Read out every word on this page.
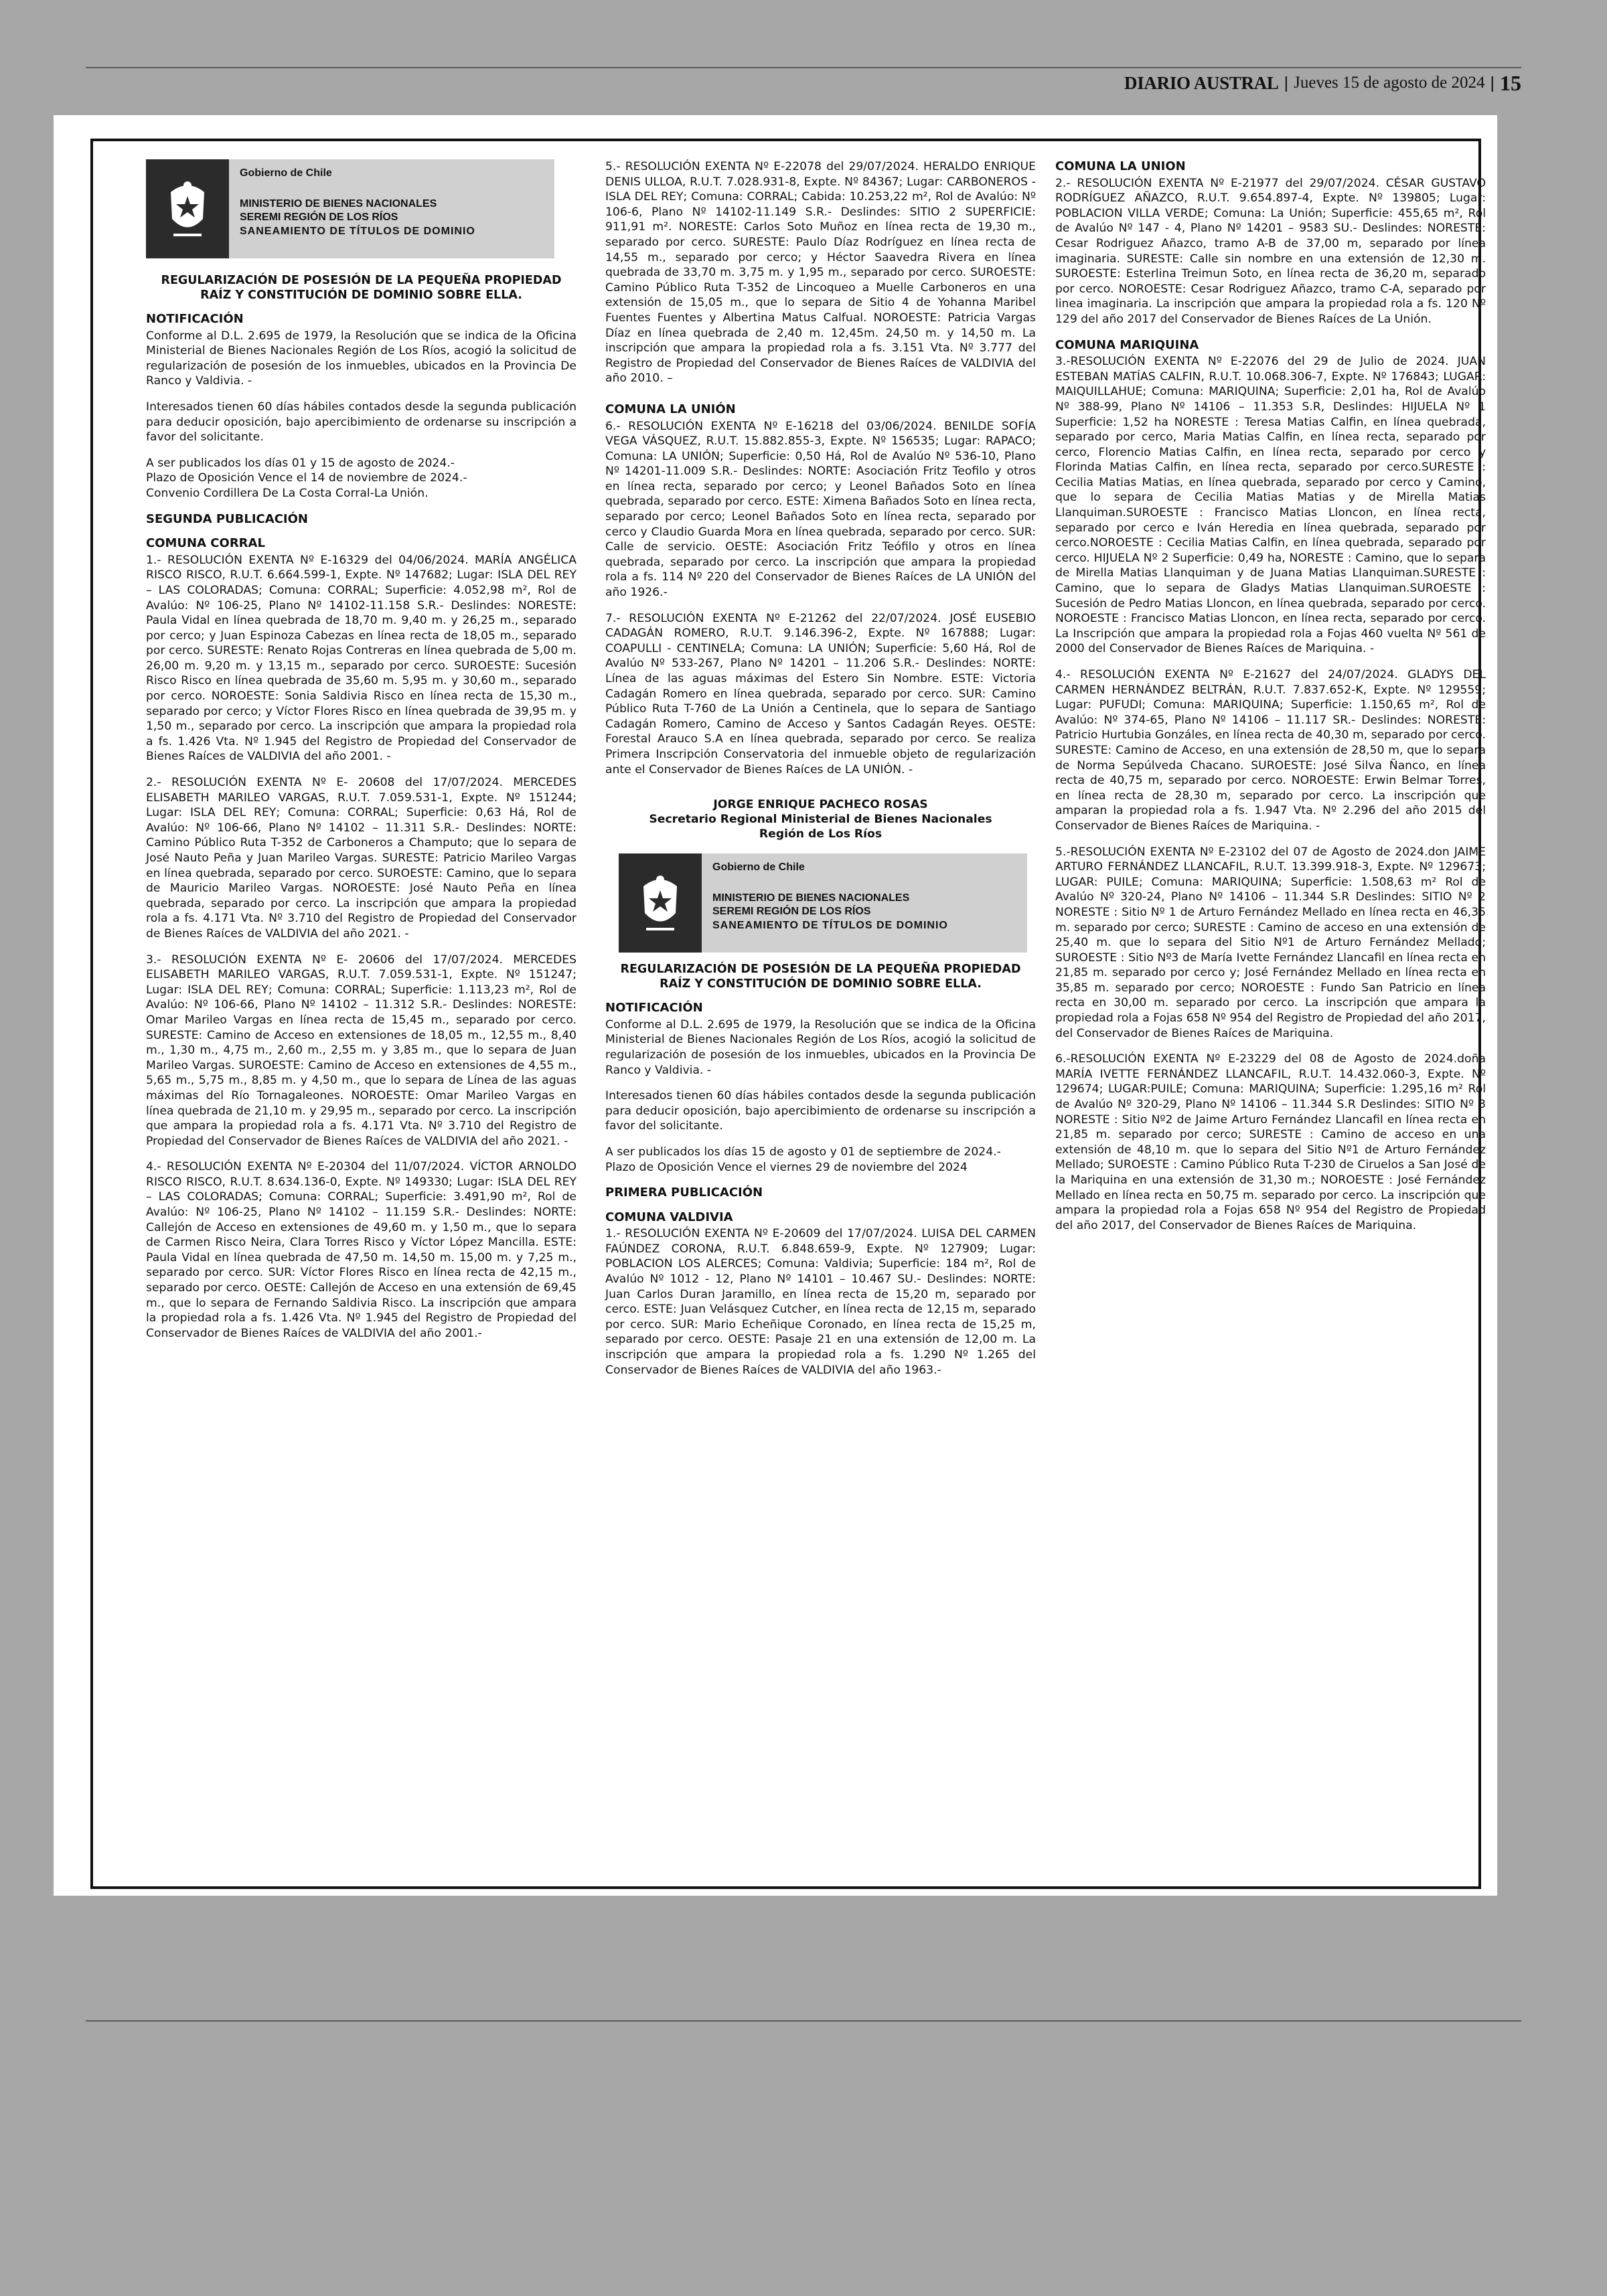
DIARIO AUSTRAL | Jueves 15 de agosto de 2024 | 15
Gobierno de Chile
MINISTERIO DE BIENES NACIONALES
SEREMI REGIÓN DE LOS RÍOS
SANEAMIENTO DE TÍTULOS DE DOMINIO
REGULARIZACIÓN DE POSESIÓN DE LA PEQUEÑA PROPIEDAD RAÍZ Y CONSTITUCIÓN DE DOMINIO SOBRE ELLA.
NOTIFICACIÓN

Conforme al D.L. 2.695 de 1979, la Resolución que se indica de la Oficina Ministerial de Bienes Nacionales Región de Los Ríos, acogió la solicitud de regularización de posesión de los inmuebles, ubicados en la Provincia De Ranco y Valdivia. -

Interesados tienen 60 días hábiles contados desde la segunda publicación para deducir oposición, bajo apercibimiento de ordenarse su inscripción a favor del solicitante.

A ser publicados los días 01 y 15 de agosto de 2024.-

Plazo de Oposición Vence el 14 de noviembre de 2024.-

Convenio Cordillera De La Costa Corral-La Unión.

SEGUNDA PUBLICACIÓN
COMUNA CORRAL

1.- RESOLUCIÓN EXENTA Nº E-16329 del 04/06/2024. MARÍA ANGÉLICA RISCO RISCO, R.U.T. 6.664.599-1, Expte. Nº 147682; Lugar: ISLA DEL REY – LAS COLORADAS; Comuna: CORRAL; Superficie: 4.052,98 m², Rol de Avalúo: Nº 106-25, Plano Nº 14102-11.158 S.R.- Deslindes: NORESTE: Paula Vidal en línea quebrada de 18,70 m. 9,40 m. y 26,25 m., separado por cerco; y Juan Espinoza Cabezas en línea recta de 18,05 m., separado por cerco. SURESTE: Renato Rojas Contreras en línea quebrada de 5,00 m. 26,00 m. 9,20 m. y 13,15 m., separado por cerco. SUROESTE: Sucesión Risco Risco en línea quebrada de 35,60 m. 5,95 m. y 30,60 m., separado por cerco. NOROESTE: Sonia Saldivia Risco en línea recta de 15,30 m., separado por cerco; y Víctor Flores Risco en línea quebrada de 39,95 m. y 1,50 m., separado por cerco. La inscripción que ampara la propiedad rola a fs. 1.426 Vta. Nº 1.945 del Registro de Propiedad del Conservador de Bienes Raíces de VALDIVIA del año 2001. -

2.- RESOLUCIÓN EXENTA Nº E- 20608 del 17/07/2024. MERCEDES ELISABETH MARILEO VARGAS, R.U.T. 7.059.531-1, Expte. Nº 151244; Lugar: ISLA DEL REY; Comuna: CORRAL; Superficie: 0,63 Há, Rol de Avalúo: Nº 106-66, Plano Nº 14102 – 11.311 S.R.- Deslindes: NORTE: Camino Público Ruta T-352 de Carboneros a Champuto; que lo separa de José Nauto Peña y Juan Marileo Vargas. SURESTE: Patricio Marileo Vargas en línea quebrada, separado por cerco. SUROESTE: Camino, que lo separa de Mauricio Marileo Vargas. NOROESTE: José Nauto Peña en línea quebrada, separado por cerco. La inscripción que ampara la propiedad rola a fs. 4.171 Vta. Nº 3.710 del Registro de Propiedad del Conservador de Bienes Raíces de VALDIVIA del año 2021. -

3.- RESOLUCIÓN EXENTA Nº E- 20606 del 17/07/2024. MERCEDES ELISABETH MARILEO VARGAS, R.U.T. 7.059.531-1, Expte. Nº 151247; Lugar: ISLA DEL REY; Comuna: CORRAL; Superficie: 1.113,23 m², Rol de Avalúo: Nº 106-66, Plano Nº 14102 – 11.312 S.R.- Deslindes: NORESTE: Omar Marileo Vargas en línea recta de 15,45 m., separado por cerco. SURESTE: Camino de Acceso en extensiones de 18,05 m., 12,55 m., 8,40 m., 1,30 m., 4,75 m., 2,60 m., 2,55 m. y 3,85 m., que lo separa de Juan Marileo Vargas. SUROESTE: Camino de Acceso en extensiones de 4,55 m., 5,65 m., 5,75 m., 8,85 m. y 4,50 m., que lo separa de Línea de las aguas máximas del Río Tornagaleones. NOROESTE: Omar Marileo Vargas en línea quebrada de 21,10 m. y 29,95 m., separado por cerco. La inscripción que ampara la propiedad rola a fs. 4.171 Vta. Nº 3.710 del Registro de Propiedad del Conservador de Bienes Raíces de VALDIVIA del año 2021. -

4.- RESOLUCIÓN EXENTA Nº E-20304 del 11/07/2024. VÍCTOR ARNOLDO RISCO RISCO, R.U.T. 8.634.136-0, Expte. Nº 149330; Lugar: ISLA DEL REY – LAS COLORADAS; Comuna: CORRAL; Superficie: 3.491,90 m², Rol de Avalúo: Nº 106-25, Plano Nº 14102 – 11.159 S.R.- Deslindes: NORTE: Callejón de Acceso en extensiones de 49,60 m. y 1,50 m., que lo separa de Carmen Risco Neira, Clara Torres Risco y Víctor López Mancilla. ESTE: Paula Vidal en línea quebrada de 47,50 m. 14,50 m. 15,00 m. y 7,25 m., separado por cerco. SUR: Víctor Flores Risco en línea recta de 42,15 m., separado por cerco. OESTE: Callejón de Acceso en una extensión de 69,45 m., que lo separa de Fernando Saldivia Risco. La inscripción que ampara la propiedad rola a fs. 1.426 Vta. Nº 1.945 del Registro de Propiedad del Conservador de Bienes Raíces de VALDIVIA del año 2001.-

5.- RESOLUCIÓN EXENTA Nº E-22078 del 29/07/2024. HERALDO ENRIQUE DENIS ULLOA, R.U.T. 7.028.931-8, Expte. Nº 84367; Lugar: CARBONEROS - ISLA DEL REY; Comuna: CORRAL; Cabida: 10.253,22 m², Rol de Avalúo: Nº 106-6, Plano Nº 14102-11.149 S.R.- Deslindes: SITIO 2 SUPERFICIE: 911,91 m². NORESTE: Carlos Soto Muñoz en línea recta de 19,30 m., separado por cerco. SURESTE: Paulo Díaz Rodríguez en línea recta de 14,55 m., separado por cerco; y Héctor Saavedra Rivera en línea quebrada de 33,70 m. 3,75 m. y 1,95 m., separado por cerco. SUROESTE: Camino Público Ruta T-352 de Lincoqueo a Muelle Carboneros en una extensión de 15,05 m., que lo separa de Sitio 4 de Yohanna Maribel Fuentes Fuentes y Albertina Matus Calfual. NOROESTE: Patricia Vargas Díaz en línea quebrada de 2,40 m. 12,45m. 24,50 m. y 14,50 m. La inscripción que ampara la propiedad rola a fs. 3.151 Vta. Nº 3.777 del Registro de Propiedad del Conservador de Bienes Raíces de VALDIVIA del año 2010. –

COMUNA LA UNIÓN

6.- RESOLUCIÓN EXENTA Nº E-16218 del 03/06/2024. BENILDE SOFÍA VEGA VÁSQUEZ, R.U.T. 15.882.855-3, Expte. Nº 156535; Lugar: RAPACO; Comuna: LA UNIÓN; Superficie: 0,50 Há, Rol de Avalúo Nº 536-10, Plano Nº 14201-11.009 S.R.- Deslindes: NORTE: Asociación Fritz Teofilo y otros en línea recta, separado por cerco; y Leonel Bañados Soto en línea quebrada, separado por cerco. ESTE: Ximena Bañados Soto en línea recta, separado por cerco; Leonel Bañados Soto en línea recta, separado por cerco y Claudio Guarda Mora en línea quebrada, separado por cerco. SUR: Calle de servicio. OESTE: Asociación Fritz Teófilo y otros en línea quebrada, separado por cerco. La inscripción que ampara la propiedad rola a fs. 114 Nº 220 del Conservador de Bienes Raíces de LA UNIÓN del año 1926.-

7.- RESOLUCIÓN EXENTA Nº E-21262 del 22/07/2024. JOSÉ EUSEBIO CADAGÁN ROMERO, R.U.T. 9.146.396-2, Expte. Nº 167888; Lugar: COAPULLI - CENTINELA; Comuna: LA UNIÓN; Superficie: 5,60 Há, Rol de Avalúo Nº 533-267, Plano Nº 14201 – 11.206 S.R.- Deslindes: NORTE: Línea de las aguas máximas del Estero Sin Nombre. ESTE: Victoria Cadagán Romero en línea quebrada, separado por cerco. SUR: Camino Público Ruta T-760 de La Unión a Centinela, que lo separa de Santiago Cadagán Romero, Camino de Acceso y Santos Cadagán Reyes. OESTE: Forestal Arauco S.A en línea quebrada, separado por cerco. Se realiza Primera Inscripción Conservatoria del inmueble objeto de regularización ante el Conservador de Bienes Raíces de LA UNIÓN. -

JORGE ENRIQUE PACHECO ROSAS
Secretario Regional Ministerial de Bienes Nacionales
Región de Los Ríos
Gobierno de Chile
MINISTERIO DE BIENES NACIONALES
SEREMI REGIÓN DE LOS RÍOS
SANEAMIENTO DE TÍTULOS DE DOMINIO
REGULARIZACIÓN DE POSESIÓN DE LA PEQUEÑA PROPIEDAD RAÍZ Y CONSTITUCIÓN DE DOMINIO SOBRE ELLA.
NOTIFICACIÓN

Conforme al D.L. 2.695 de 1979, la Resolución que se indica de la Oficina Ministerial de Bienes Nacionales Región de Los Ríos, acogió la solicitud de regularización de posesión de los inmuebles, ubicados en la Provincia De Ranco y Valdivia. -

Interesados tienen 60 días hábiles contados desde la segunda publicación para deducir oposición, bajo apercibimiento de ordenarse su inscripción a favor del solicitante.

A ser publicados los días 15 de agosto y 01 de septiembre de 2024.-

Plazo de Oposición Vence el viernes 29 de noviembre del 2024

PRIMERA PUBLICACIÓN
COMUNA VALDIVIA

1.- RESOLUCIÓN EXENTA Nº E-20609 del 17/07/2024. LUISA DEL CARMEN FAÚNDEZ CORONA, R.U.T. 6.848.659-9, Expte. Nº 127909; Lugar: POBLACION LOS ALERCES; Comuna: Valdivia; Superficie: 184 m², Rol de Avalúo Nº 1012 - 12, Plano Nº 14101 – 10.467 SU.- Deslindes: NORTE: Juan Carlos Duran Jaramillo, en línea recta de 15,20 m, separado por cerco. ESTE: Juan Velásquez Cutcher, en línea recta de 12,15 m, separado por cerco. SUR: Mario Echeñique Coronado, en línea recta de 15,25 m, separado por cerco. OESTE: Pasaje 21 en una extensión de 12,00 m. La inscripción que ampara la propiedad rola a fs. 1.290 Nº 1.265 del Conservador de Bienes Raíces de VALDIVIA del año 1963.-

COMUNA LA UNION

2.- RESOLUCIÓN EXENTA Nº E-21977 del 29/07/2024. CÉSAR GUSTAVO RODRÍGUEZ AÑAZCO, R.U.T. 9.654.897-4, Expte. Nº 139805; Lugar: POBLACION VILLA VERDE; Comuna: La Unión; Superficie: 455,65 m², Rol de Avalúo Nº 147 - 4, Plano Nº 14201 – 9583 SU.- Deslindes: NORESTE: Cesar Rodriguez Añazco, tramo A-B de 37,00 m, separado por línea imaginaria. SURESTE: Calle sin nombre en una extensión de 12,30 m. SUROESTE: Esterlina Treimun Soto, en línea recta de 36,20 m, separado por cerco. NOROESTE: Cesar Rodriguez Añazco, tramo C-A, separado por linea imaginaria. La inscripción que ampara la propiedad rola a fs. 120 Nº 129 del año 2017 del Conservador de Bienes Raíces de La Unión.

COMUNA MARIQUINA

3.-RESOLUCIÓN EXENTA Nº E-22076 del 29 de Julio de 2024. JUAN ESTEBAN MATÍAS CALFIN, R.U.T. 10.068.306-7, Expte. Nº 176843; LUGAR: MAIQUILLAHUE; Comuna: MARIQUINA; Superficie: 2,01 ha, Rol de Avalúo Nº 388-99, Plano Nº 14106 – 11.353 S.R, Deslindes: HIJUELA Nº 1 Superficie: 1,52 ha NORESTE : Teresa Matias Calfin, en línea quebrada, separado por cerco, Maria Matias Calfin, en línea recta, separado por cerco, Florencio Matias Calfin, en línea recta, separado por cerco y Florinda Matias Calfin, en línea recta, separado por cerco.SURESTE : Cecilia Matias Matias, en línea quebrada, separado por cerco y Camino, que lo separa de Cecilia Matias Matias y de Mirella Matias Llanquiman.SUROESTE : Francisco Matias Lloncon, en línea recta, separado por cerco e Iván Heredia en línea quebrada, separado por cerco.NOROESTE : Cecilia Matias Calfin, en línea quebrada, separado por cerco. HIJUELA Nº 2 Superficie: 0,49 ha, NORESTE : Camino, que lo separa de Mirella Matias Llanquiman y de Juana Matias Llanquiman.SURESTE : Camino, que lo separa de Gladys Matias Llanquiman.SUROESTE : Sucesión de Pedro Matias Lloncon, en línea quebrada, separado por cerco. NOROESTE : Francisco Matias Lloncon, en línea recta, separado por cerco. La Inscripción que ampara la propiedad rola a Fojas 460 vuelta Nº 561 de 2000 del Conservador de Bienes Raíces de Mariquina. -

4.- RESOLUCIÓN EXENTA Nº E-21627 del 24/07/2024. GLADYS DEL CARMEN HERNÁNDEZ BELTRÁN, R.U.T. 7.837.652-K, Expte. Nº 129559; Lugar: PUFUDI; Comuna: MARIQUINA; Superficie: 1.150,65 m², Rol de Avalúo: Nº 374-65, Plano Nº 14106 – 11.117 SR.- Deslindes: NORESTE: Patricio Hurtubia Gonzáles, en línea recta de 40,30 m, separado por cerco. SURESTE: Camino de Acceso, en una extensión de 28,50 m, que lo separa de Norma Sepúlveda Chacano. SUROESTE: José Silva Ñanco, en línea recta de 40,75 m, separado por cerco. NOROESTE: Erwin Belmar Torres, en línea recta de 28,30 m, separado por cerco. La inscripción que amparan la propiedad rola a fs. 1.947 Vta. Nº 2.296 del año 2015 del Conservador de Bienes Raíces de Mariquina. -

5.-RESOLUCIÓN EXENTA Nº E-23102 del 07 de Agosto de 2024.don JAIME ARTURO FERNÁNDEZ LLANCAFIL, R.U.T. 13.399.918-3, Expte. Nº 129673; LUGAR: PUILE; Comuna: MARIQUINA; Superficie: 1.508,63 m² Rol de Avalúo Nº 320-24, Plano Nº 14106 – 11.344 S.R Deslindes: SITIO Nº 2 NORESTE : Sitio Nº 1 de Arturo Fernández Mellado en línea recta en 46,35 m. separado por cerco; SURESTE : Camino de acceso en una extensión de 25,40 m. que lo separa del Sitio Nº1 de Arturo Fernández Mellado; SUROESTE : Sitio Nº3 de María Ivette Fernández Llancafil en línea recta en 21,85 m. separado por cerco y; José Fernández Mellado en línea recta en 35,85 m. separado por cerco; NOROESTE : Fundo San Patricio en línea recta en 30,00 m. separado por cerco. La inscripción que ampara la propiedad rola a Fojas 658 Nº 954 del Registro de Propiedad del año 2017, del Conservador de Bienes Raíces de Mariquina.

6.-RESOLUCIÓN EXENTA Nº E-23229 del 08 de Agosto de 2024.doña MARÍA IVETTE FERNÁNDEZ LLANCAFIL, R.U.T. 14.432.060-3, Expte. Nº 129674; LUGAR:PUILE; Comuna: MARIQUINA; Superficie: 1.295,16 m² Rol de Avalúo Nº 320-29, Plano Nº 14106 – 11.344 S.R Deslindes: SITIO Nº 3 NORESTE : Sitio Nº2 de Jaime Arturo Fernández Llancafil en línea recta en 21,85 m. separado por cerco; SURESTE : Camino de acceso en una extensión de 48,10 m. que lo separa del Sitio Nº1 de Arturo Fernández Mellado; SUROESTE : Camino Público Ruta T-230 de Ciruelos a San José de la Mariquina en una extensión de 31,30 m.; NOROESTE : José Fernández Mellado en línea recta en 50,75 m. separado por cerco. La inscripción que ampara la propiedad rola a Fojas 658 Nº 954 del Registro de Propiedad del año 2017, del Conservador de Bienes Raíces de Mariquina.
